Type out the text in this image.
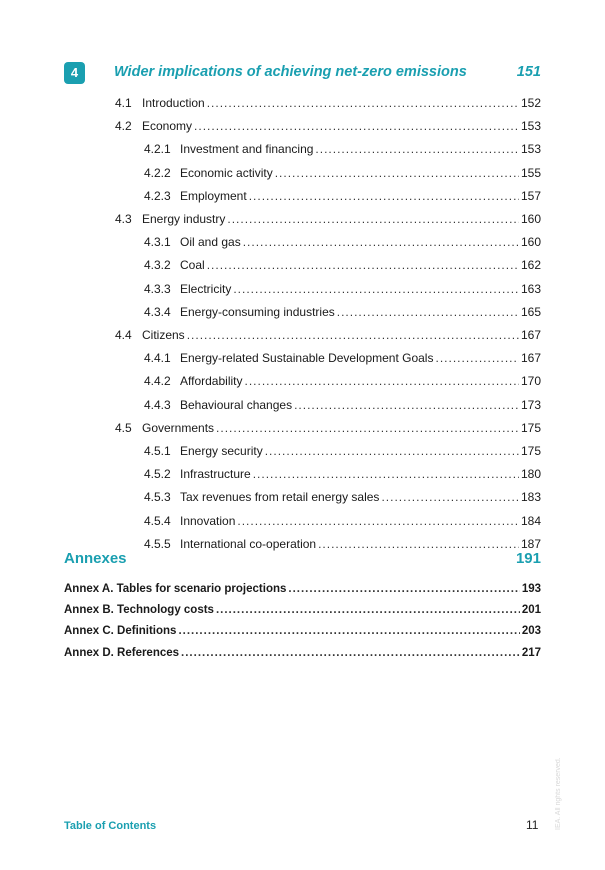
4	Wider implications of achieving net-zero emissions	151
4.1 Introduction .....	152
4.2 Economy .....	153
4.2.1 Investment and financing .....	153
4.2.2 Economic activity .....	155
4.2.3 Employment .....	157
4.3 Energy industry .....	160
4.3.1 Oil and gas .....	160
4.3.2 Coal .....	162
4.3.3 Electricity .....	163
4.3.4 Energy-consuming industries .....	165
4.4 Citizens .....	167
4.4.1 Energy-related Sustainable Development Goals .....	167
4.4.2 Affordability .....	170
4.4.3 Behavioural changes .....	173
4.5 Governments .....	175
4.5.1 Energy security .....	175
4.5.2 Infrastructure .....	180
4.5.3 Tax revenues from retail energy sales .....	183
4.5.4 Innovation .....	184
4.5.5 International co-operation .....	187
Annexes	191
Annex A. Tables for scenario projections .....	193
Annex B. Technology costs .....	201
Annex C. Definitions .....	203
Annex D. References .....	217
Table of Contents	11 IEA. All rights reserved.
